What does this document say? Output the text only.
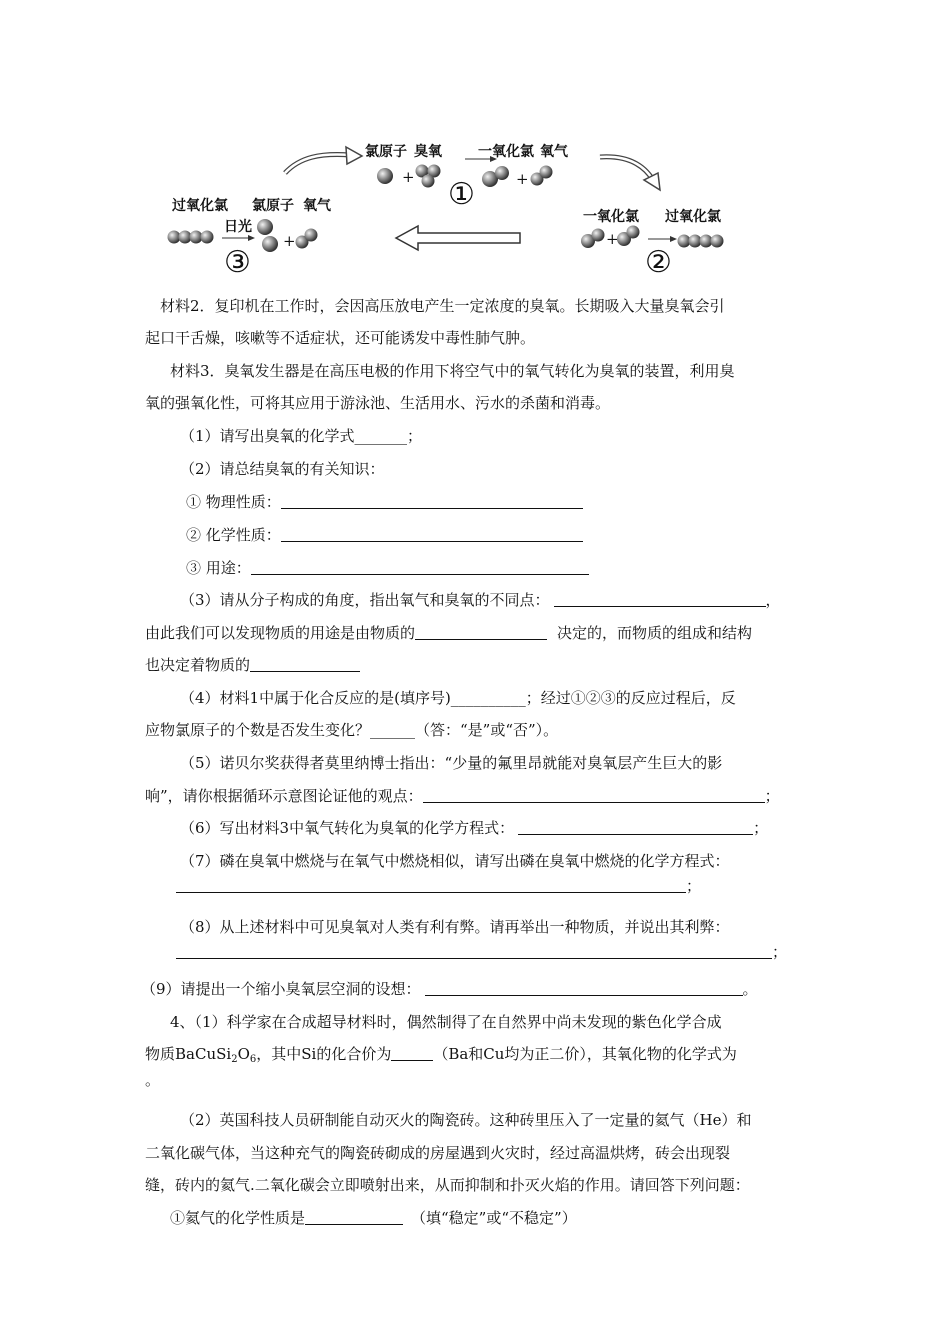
氯原子 臭氧	一氧化氯 氧气
+	+
①
一氧化氯 过氧化氯
+
②
过氧化氯 氯原子 氧气
日光
+
③
材料2．复印机在工作时，会因高压放电产生一定浓度的臭氧。长期吸入大量臭氧会引
起口干舌燥，咳嗽等不适症状，还可能诱发中毒性肺气肿。
材料3．臭氧发生器是在高压电极的作用下将空气中的氧气转化为臭氧的装置，利用臭
氧的强氧化性，可将其应用于游泳池、生活用水、污水的杀菌和消毒。
（1）请写出臭氧的化学式_______；
（2）请总结臭氧的有关知识：
① 物理性质：
② 化学性质：
③ 用途：
（3）请从分子构成的角度，指出氧气和臭氧的不同点：	，
由此我们可以发现物质的用途是由物质的	决定的，而物质的组成和结构
也决定着物质的
（4）材料1中属于化合反应的是(填序号)__________；经过①②③的反应过程后，反
应物氯原子的个数是否发生变化？______（答：“是”或“否”）。
（5）诺贝尔奖获得者莫里纳博士指出：“少量的氟里昂就能对臭氧层产生巨大的影
响”，请你根据循环示意图论证他的观点：	；
（6）写出材料3中氧气转化为臭氧的化学方程式：	；
（7）磷在臭氧中燃烧与在氧气中燃烧相似，请写出磷在臭氧中燃烧的化学方程式：
；
（8）从上述材料中可见臭氧对人类有利有弊。请再举出一种物质，并说出其利弊：
；
（9）请提出一个缩小臭氧层空洞的设想：	。
4、（1）科学家在合成超导材料时，偶然制得了在自然界中尚未发现的紫色化学合成
物质$BaCuSi_2O_6$，其中Si的化合价为	（Ba和Cu均为正二价），其氧化物的化学式为
。
（2）英国科技人员研制能自动灭火的陶瓷砖。这种砖里压入了一定量的氦气（He）和
二氧化碳气体，当这种充气的陶瓷砖砌成的房屋遇到火灾时，经过高温烘烤，砖会出现裂
缝，砖内的氦气.二氧化碳会立即喷射出来，从而抑制和扑灭火焰的作用。请回答下列问题：
①氦气的化学性质是	（填“稳定”或“不稳定”）
